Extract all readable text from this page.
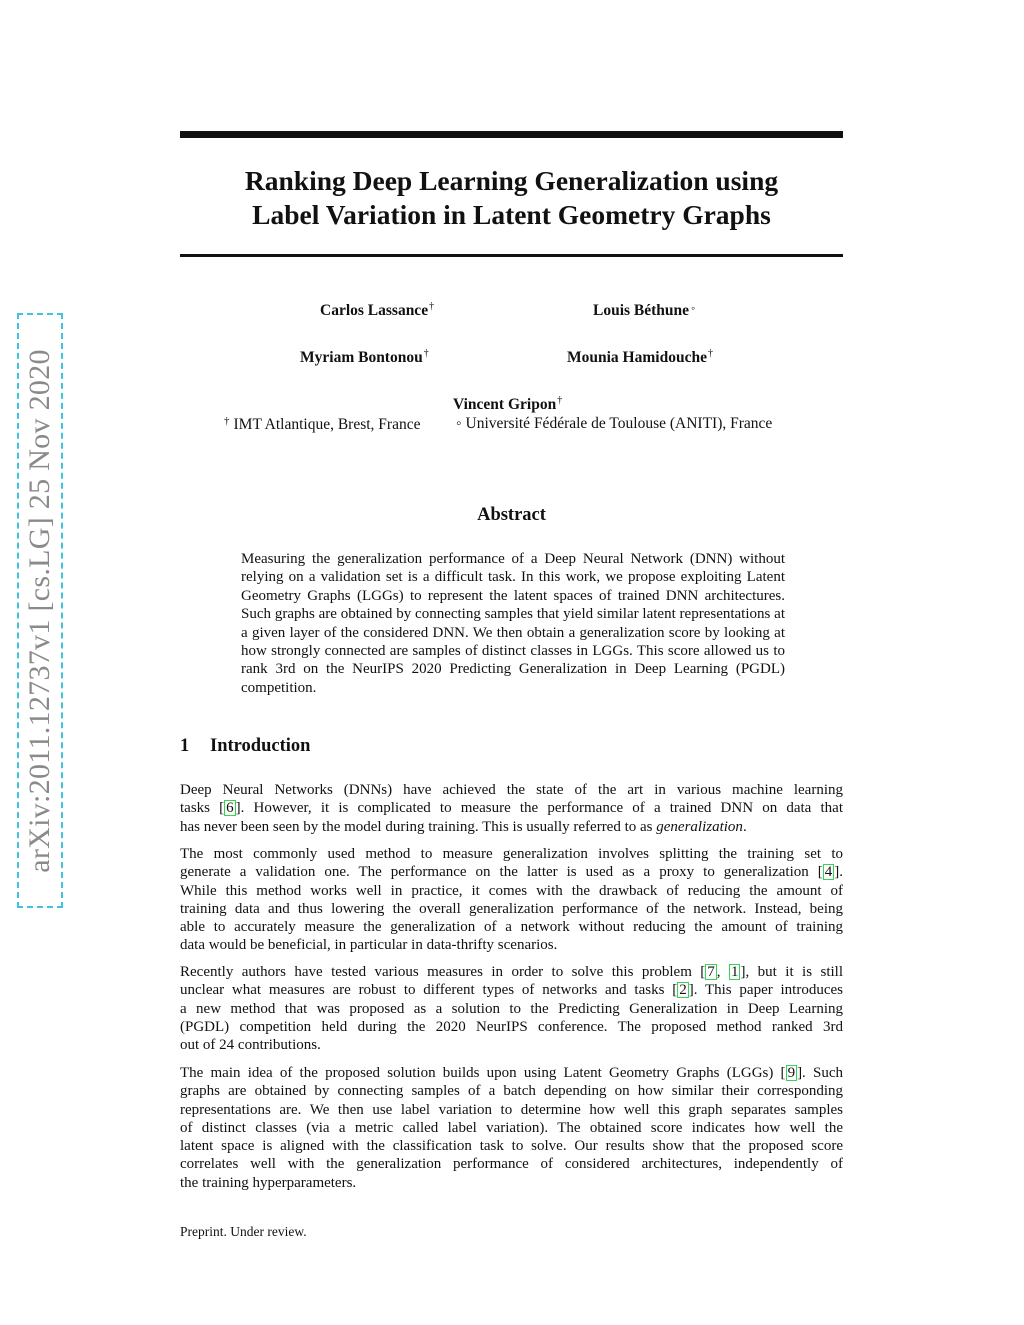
arXiv:2011.12737v1 [cs.LG] 25 Nov 2020
Ranking Deep Learning Generalization using
Label Variation in Latent Geometry Graphs
Carlos Lassance†	Louis Béthune ◦
Myriam Bontonou†	Mounia Hamidouche†
Vincent Gripon†
† IMT Atlantique, Brest, France ◦ Université Fédérale de Toulouse (ANITI), France
Abstract
Measuring the generalization performance of a Deep Neural Network (DNN) without relying on a validation set is a difficult task. In this work, we propose exploiting Latent Geometry Graphs (LGGs) to represent the latent spaces of trained DNN architectures. Such graphs are obtained by connecting samples that yield similar latent representations at a given layer of the considered DNN. We then obtain a generalization score by looking at how strongly connected are samples of distinct classes in LGGs. This score allowed us to rank 3rd on the NeurIPS 2020 Predicting Generalization in Deep Learning (PGDL) competition.
1 Introduction
Deep Neural Networks (DNNs) have achieved the state of the art in various machine learning
tasks [ 6 ]. However, it is complicated to measure the performance of a trained DNN on data that
has never been seen by the model during training. This is usually referred to as generalization.
The most commonly used method to measure generalization involves splitting the training set to
generate a validation one. The performance on the latter is used as a proxy to generalization [ 4 ].
While this method works well in practice, it comes with the drawback of reducing the amount of
training data and thus lowering the overall generalization performance of the network. Instead, being
able to accurately measure the generalization of a network without reducing the amount of training
data would be beneficial, in particular in data-thrifty scenarios.
Recently authors have tested various measures in order to solve this problem [ 7 , 1 ], but it is still
unclear what measures are robust to different types of networks and tasks [ 2 ]. This paper introduces
a new method that was proposed as a solution to the Predicting Generalization in Deep Learning
(PGDL) competition held during the 2020 NeurIPS conference. The proposed method ranked 3rd
out of 24 contributions.
The main idea of the proposed solution builds upon using Latent Geometry Graphs (LGGs) [ 9 ]. Such
graphs are obtained by connecting samples of a batch depending on how similar their corresponding
representations are. We then use label variation to determine how well this graph separates samples
of distinct classes (via a metric called label variation). The obtained score indicates how well the
latent space is aligned with the classification task to solve. Our results show that the proposed score
correlates well with the generalization performance of considered architectures, independently of
the training hyperparameters.
Preprint. Under review.
